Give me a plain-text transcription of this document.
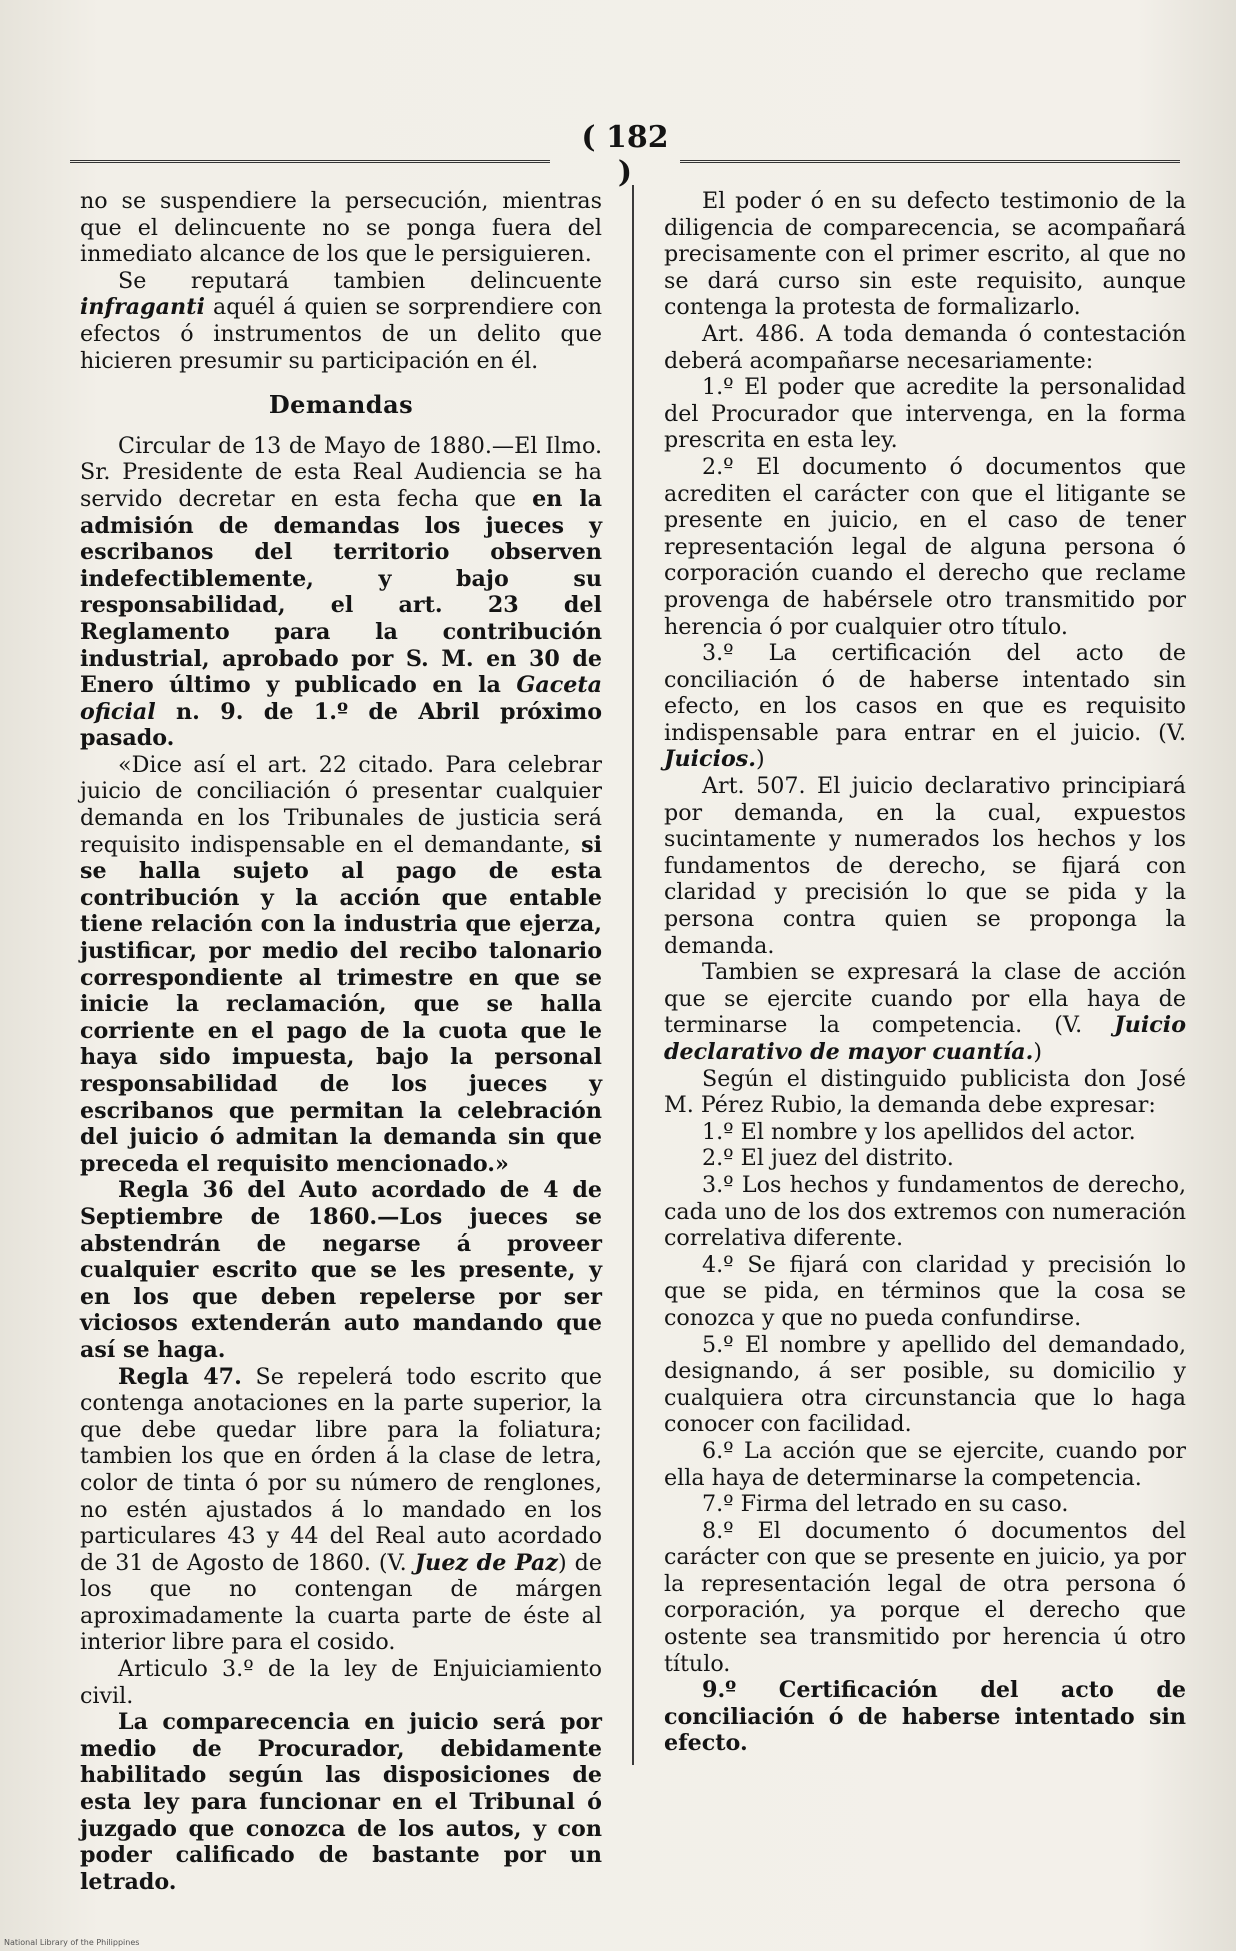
( 182 )

no se suspendiere la persecución, mientras que el delincuente no se ponga fuera del inmediato alcance de los que le persiguieren.

Se reputará tambien delincuente infraganti aquél á quien se sorprendiere con efectos ó instrumentos de un delito que hicieren presumir su participación en él.

Demandas

Circular de 13 de Mayo de 1880.—El Ilmo. Sr. Presidente de esta Real Audiencia se ha servido decretar en esta fecha que en la admisión de demandas los jueces y escribanos del territorio observen indefectiblemente, y bajo su responsabilidad, el art. 23 del Reglamento para la contribución industrial, aprobado por S. M. en 30 de Enero último y publicado en la Gaceta oficial n. 9. de 1.º de Abril próximo pasado.

«Dice así el art. 22 citado. Para celebrar juicio de conciliación ó presentar cualquier demanda en los Tribunales de justicia será requisito indispensable en el demandante, si se halla sujeto al pago de esta contribución y la acción que entable tiene relación con la industria que ejerza, justificar, por medio del recibo talonario correspondiente al trimestre en que se inicie la reclamación, que se halla corriente en el pago de la cuota que le haya sido impuesta, bajo la personal responsabilidad de los jueces y escribanos que permitan la celebración del juicio ó admitan la demanda sin que preceda el requisito mencionado.»

Regla 36 del Auto acordado de 4 de Septiembre de 1860.—Los jueces se abstendrán de negarse á proveer cualquier escrito que se les presente, y en los que deben repelerse por ser viciosos extenderán auto mandando que así se haga.

Regla 47. Se repelerá todo escrito que contenga anotaciones en la parte superior, la que debe quedar libre para la foliatura; tambien los que en órden á la clase de letra, color de tinta ó por su número de renglones, no estén ajustados á lo mandado en los particulares 43 y 44 del Real auto acordado de 31 de Agosto de 1860. (V. Juez de Paz) de los que no contengan de márgen aproximadamente la cuarta parte de éste al interior libre para el cosido.

Articulo 3.º de la ley de Enjuiciamiento civil.

La comparecencia en juicio será por medio de Procurador, debidamente habilitado según las disposiciones de esta ley para funcionar en el Tribunal ó juzgado que conozca de los autos, y con poder calificado de bastante por un letrado.

El poder ó en su defecto testimonio de la diligencia de comparecencia, se acompañará precisamente con el primer escrito, al que no se dará curso sin este requisito, aunque contenga la protesta de formalizarlo.

Art. 486. A toda demanda ó contestación deberá acompañarse necesariamente:

1.º El poder que acredite la personalidad del Procurador que intervenga, en la forma prescrita en esta ley.

2.º El documento ó documentos que acrediten el carácter con que el litigante se presente en juicio, en el caso de tener representación legal de alguna persona ó corporación cuando el derecho que reclame provenga de habérsele otro transmitido por herencia ó por cualquier otro título.

3.º La certificación del acto de conciliación ó de haberse intentado sin efecto, en los casos en que es requisito indispensable para entrar en el juicio. (V. Juicios.)

Art. 507. El juicio declarativo principiará por demanda, en la cual, expuestos sucintamente y numerados los hechos y los fundamentos de derecho, se fijará con claridad y precisión lo que se pida y la persona contra quien se proponga la demanda.

Tambien se expresará la clase de acción que se ejercite cuando por ella haya de terminarse la competencia. (V. Juicio declarativo de mayor cuantía.)

Según el distinguido publicista don José M. Pérez Rubio, la demanda debe expresar:

1.º El nombre y los apellidos del actor.

2.º El juez del distrito.

3.º Los hechos y fundamentos de derecho, cada uno de los dos extremos con numeración correlativa diferente.

4.º Se fijará con claridad y precisión lo que se pida, en términos que la cosa se conozca y que no pueda confundirse.

5.º El nombre y apellido del demandado, designando, á ser posible, su domicilio y cualquiera otra circunstancia que lo haga conocer con facilidad.

6.º La acción que se ejercite, cuando por ella haya de determinarse la competencia.

7.º Firma del letrado en su caso.

8.º El documento ó documentos del carácter con que se presente en juicio, ya por la representación legal de otra persona ó corporación, ya porque el derecho que ostente sea transmitido por herencia ú otro título.

9.º Certificación del acto de conciliación ó de haberse intentado sin efecto.

National Library of the Philippines
